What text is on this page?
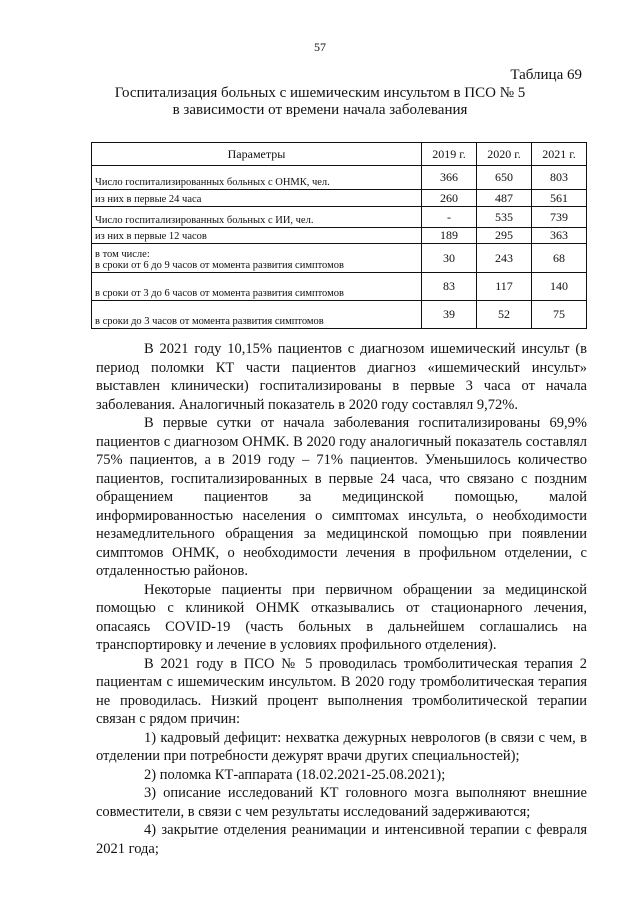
57
Таблица 69
Госпитализация больных с ишемическим инсультом в ПСО № 5
в зависимости от времени начала заболевания
Параметры	2019 г.	2020 г.	2021 г.
Число госпитализированных больных с ОНМК, чел.	366	650	803
из них в первые 24 часа	260	487	561
Число госпитализированных больных с ИИ, чел.	-	535	739
из них в первые 12 часов	189	295	363

в том числе:
в сроки от 6 до 9 часов от момента развития симптомов	30	243	68
в сроки от 3 до 6 часов от момента развития симптомов	83	117	140
в сроки до 3 часов от момента развития симптомов	39	52	75

В 2021 году 10,15% пациентов с диагнозом ишемический инсульт (в период поломки КТ части пациентов диагноз «ишемический инсульт» выставлен клинически) госпитализированы в первые 3 часа от начала заболевания. Аналогичный показатель в 2020 году составлял 9,72%.

В первые сутки от начала заболевания госпитализированы 69,9% пациентов с диагнозом ОНМК. В 2020 году аналогичный показатель составлял 75% пациентов, а в 2019 году – 71% пациентов. Уменьшилось количество пациентов, госпитализированных в первые 24 часа, что связано с поздним обращением пациентов за медицинской помощью, малой информированностью населения о симптомах инсульта, о необходимости незамедлительного обращения за медицинской помощью при появлении симптомов ОНМК, о необходимости лечения в профильном отделении, с отдаленностью районов.

Некоторые пациенты при первичном обращении за медицинской помощью с клиникой ОНМК отказывались от стационарного лечения, опасаясь COVID-19 (часть больных в дальнейшем соглашались на транспортировку и лечение в условиях профильного отделения).

В 2021 году в ПСО № 5 проводилась тромболитическая терапия 2 пациентам с ишемическим инсультом. В 2020 году тромболитическая терапия не проводилась. Низкий процент выполнения тромболитической терапии связан с рядом причин:

1) кадровый дефицит: нехватка дежурных неврологов (в связи с чем, в отделении при потребности дежурят врачи других специальностей);

2) поломка КТ-аппарата (18.02.2021-25.08.2021);

3) описание исследований КТ головного мозга выполняют внешние совместители, в связи с чем результаты исследований задерживаются;

4) закрытие отделения реанимации и интенсивной терапии с февраля 2021 года;
